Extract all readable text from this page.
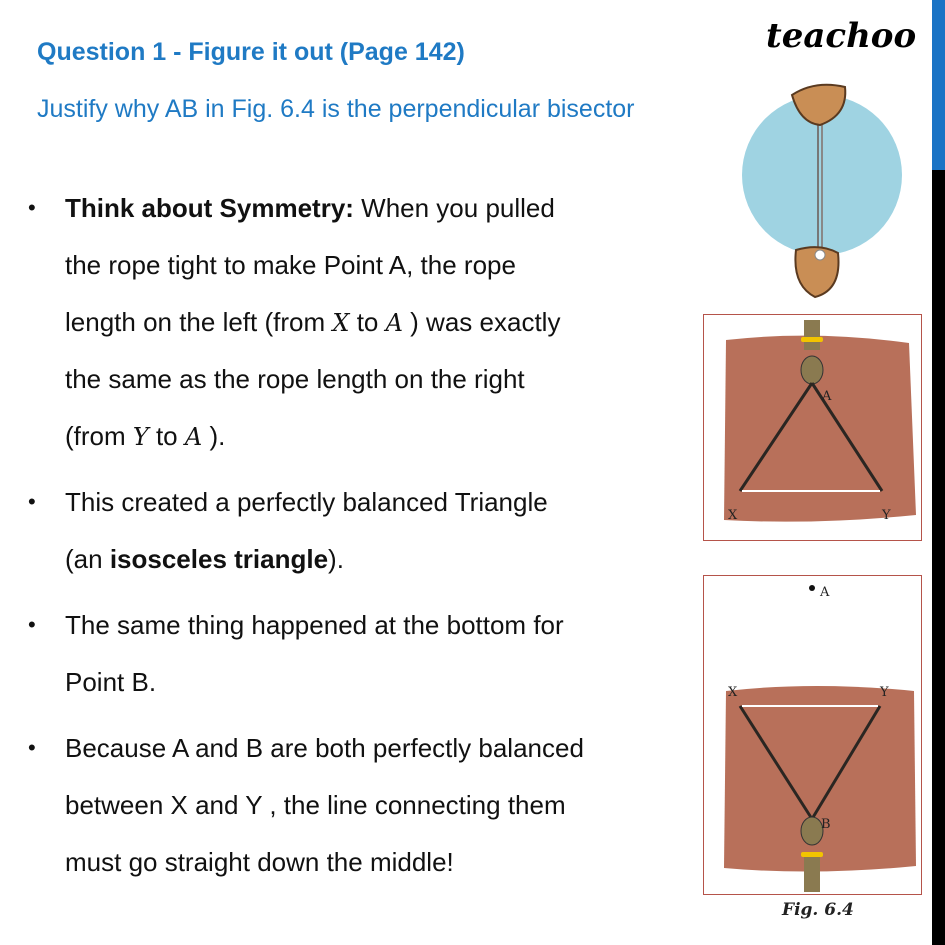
Question 1 - Figure it out (Page 142)
Justify why AB in Fig. 6.4 is the perpendicular bisector
teachoo
• Think about Symmetry: When you pulled
the rope tight to make Point A, the rope
length on the left (from X to A ) was exactly
the same as the rope length on the right
(from Y to A ).
• This created a perfectly balanced Triangle
(an isosceles triangle).
• The same thing happened at the bottom for
Point B.
• Because A and B are both perfectly balanced
between X and Y , the line connecting them
must go straight down the middle!
A
X	Y
A
X	Y
B
Fig. 6.4
